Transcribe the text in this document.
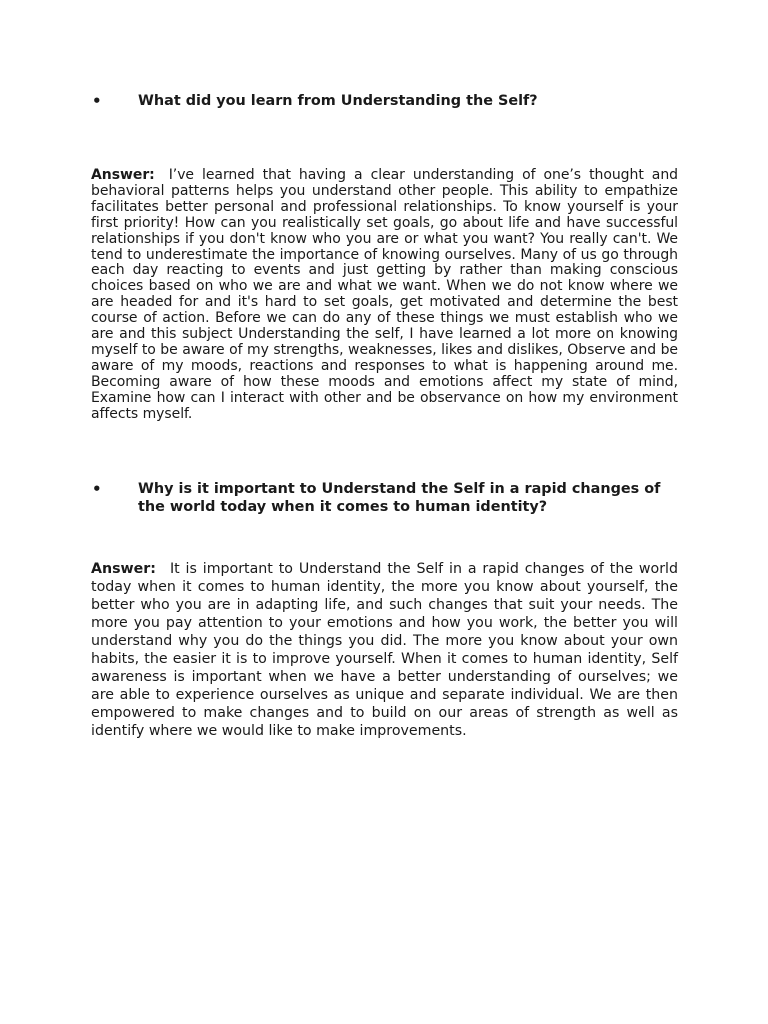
•	What did you learn from Understanding the Self?

Answer: I’ve learned that having a clear understanding of one’s thought and behavioral patterns helps you understand other people. This ability to empathize facilitates better personal and professional relationships. To know yourself is your first priority! How can you realistically set goals, go about life and have successful relationships if you don't know who you are or what you want? You really can't. We tend to underestimate the importance of knowing ourselves. Many of us go through each day reacting to events and just getting by rather than making conscious choices based on who we are and what we want. When we do not know where we are headed for and it's hard to set goals, get motivated and determine the best course of action. Before we can do any of these things we must establish who we are and this subject Understanding the self, I have learned a lot more on knowing myself to be aware of my strengths, weaknesses, likes and dislikes, Observe and be aware of my moods, reactions and responses to what is happening around me. Becoming aware of how these moods and emotions affect my state of mind, Examine how can I interact with other and be observance on how my environment affects myself.

•	Why is it important to Understand the Self in a rapid changes of the world today when it comes to human identity?

Answer: It is important to Understand the Self in a rapid changes of the world today when it comes to human identity, the more you know about yourself, the better who you are in adapting life, and such changes that suit your needs. The more you pay attention to your emotions and how you work, the better you will understand why you do the things you did. The more you know about your own habits, the easier it is to improve yourself. When it comes to human identity, Self awareness is important when we have a better understanding of ourselves; we are able to experience ourselves as unique and separate individual. We are then empowered to make changes and to build on our areas of strength as well as identify where we would like to make improvements.
